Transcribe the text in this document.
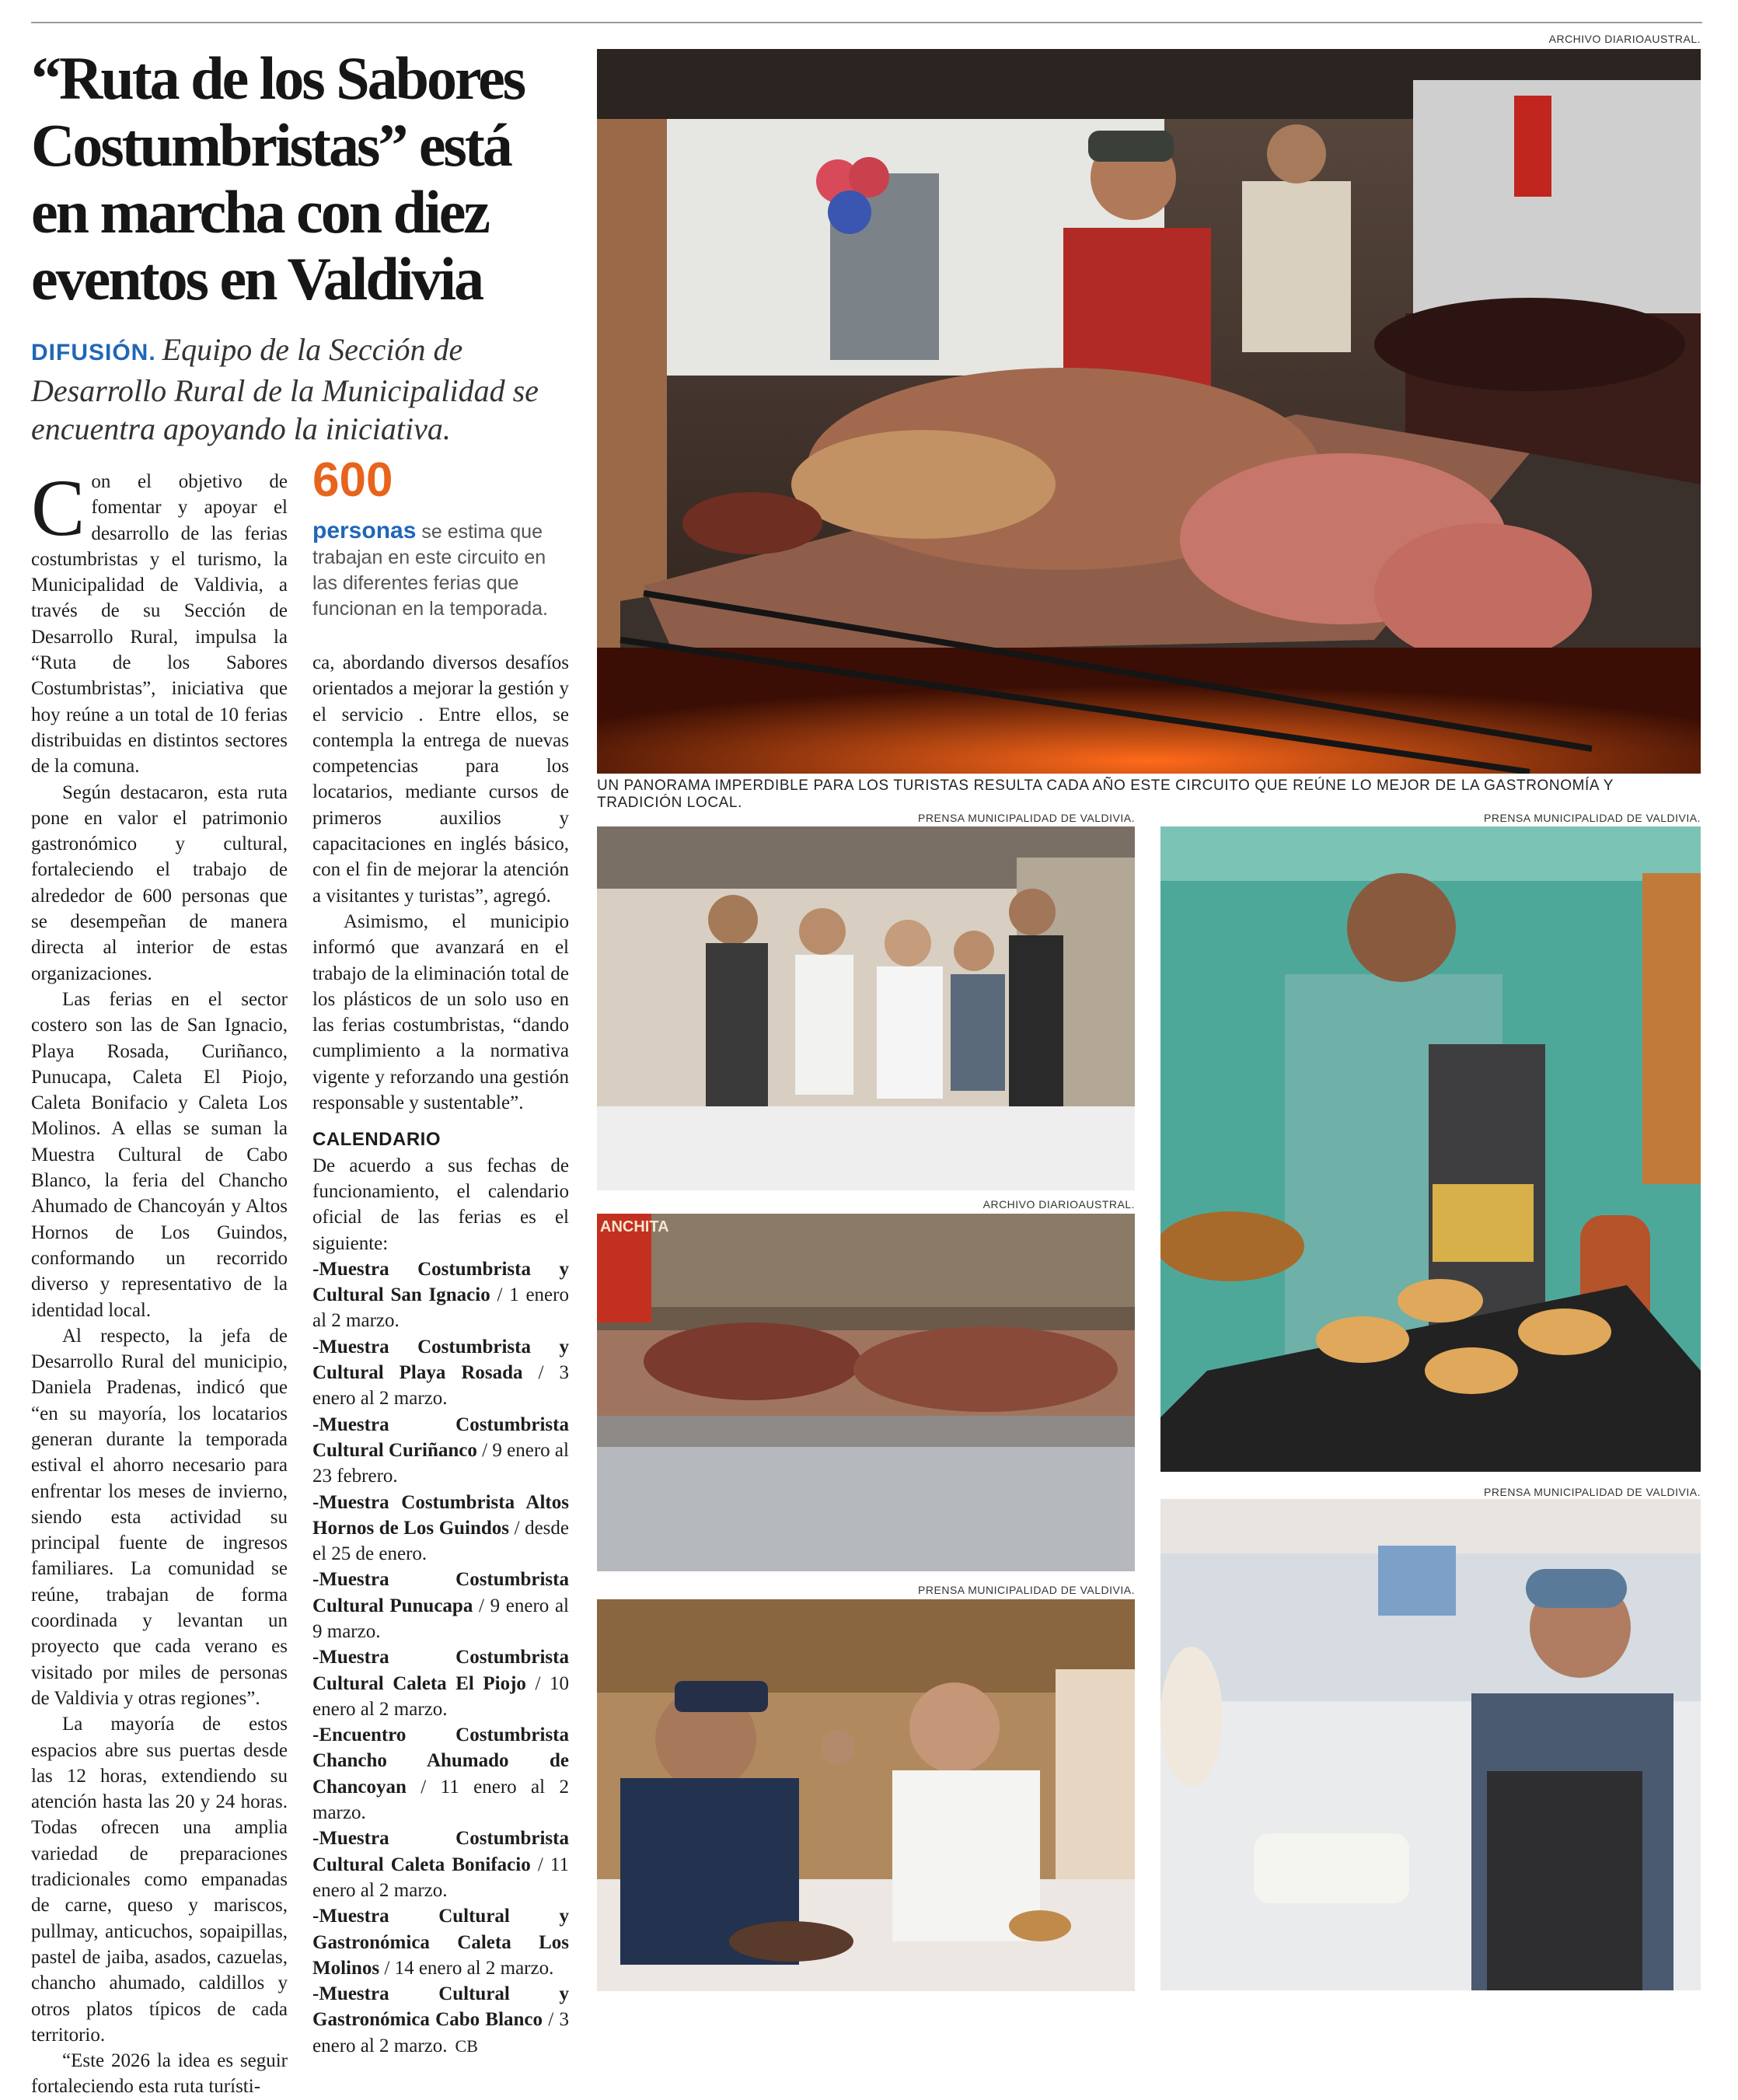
“Ruta de los Sabores Costumbristas” está en marcha con diez eventos en Valdivia
DIFUSIÓN. Equipo de la Sección de Desarrollo Rural de la Municipalidad se encuentra apoyando la iniciativa.
C on el objetivo de fomentar y apoyar el desarrollo de las ferias costumbristas y el turismo, la Municipalidad de Valdivia, a través de su Sección de Desarrollo Rural, impulsa la “Ruta de los Sabores Costumbristas”, iniciativa que hoy reúne a un total de 10 ferias distribuidas en distintos sectores de la comuna.

Según destacaron, esta ruta pone en valor el patrimonio gastronómico y cultural, fortaleciendo el trabajo de alrededor de 600 personas que se desempeñan de manera directa al interior de estas organizaciones.

Las ferias en el sector costero son las de San Ignacio, Playa Rosada, Curiñanco, Punucapa, Caleta El Piojo, Caleta Bonifacio y Caleta Los Molinos. A ellas se suman la Muestra Cultural de Cabo Blanco, la feria del Chancho Ahumado de Chancoyán y Altos Hornos de Los Guindos, conformando un recorrido diverso y representativo de la identidad local.

Al respecto, la jefa de Desarrollo Rural del municipio, Daniela Pradenas, indicó que “en su mayoría, los locatarios generan durante la temporada estival el ahorro necesario para enfrentar los meses de invierno, siendo esta actividad su principal fuente de ingresos familiares. La comunidad se reúne, trabajan de forma coordinada y levantan un proyecto que cada verano es visitado por miles de personas de Valdivia y otras regiones”.

La mayoría de estos espacios abre sus puertas desde las 12 horas, extendiendo su atención hasta las 20 y 24 horas. Todas ofrecen una amplia variedad de preparaciones tradicionales como empanadas de carne, queso y mariscos, pullmay, anticuchos, sopaipillas, pastel de jaiba, asados, cazuelas, chancho ahumado, caldillos y otros platos típicos de cada territorio.

“Este 2026 la idea es seguir fortaleciendo esta ruta turísti-

600
personas se estima que trabajan en este circuito en las diferentes ferias que funcionan en la temporada.

ca, abordando diversos desafíos orientados a mejorar la gestión y el servicio . Entre ellos, se contempla la entrega de nuevas competencias para los locatarios, mediante cursos de primeros auxilios y capacitaciones en inglés básico, con el fin de mejorar la atención a visitantes y turistas”, agregó.

Asimismo, el municipio informó que avanzará en el trabajo de la eliminación total de los plásticos de un solo uso en las ferias costumbristas, “dando cumplimiento a la normativa vigente y reforzando una gestión responsable y sustentable”.

CALENDARIO

De acuerdo a sus fechas de funcionamiento, el calendario oficial de las ferias es el siguiente:

-Muestra Costumbrista y Cultural San Ignacio / 1 enero al 2 marzo.
-Muestra Costumbrista y Cultural Playa Rosada / 3 enero al 2 marzo.
-Muestra Costumbrista Cultural Curiñanco / 9 enero al 23 febrero.
-Muestra Costumbrista Altos Hornos de Los Guindos / desde el 25 de enero.
-Muestra Costumbrista Cultural Punucapa / 9 enero al 9 marzo.
-Muestra Costumbrista Cultural Caleta El Piojo / 10 enero al 2 marzo.
-Encuentro Costumbrista Chancho Ahumado de Chancoyan / 11 enero al 2 marzo.
-Muestra Costumbrista Cultural Caleta Bonifacio / 11 enero al 2 marzo.
-Muestra Cultural y Gastronómica Caleta Los Molinos / 14 enero al 2 marzo.
-Muestra Cultural y Gastronómica Cabo Blanco / 3 enero al 2 marzo. CB
ARCHIVO DIARIOAUSTRAL.
UN PANORAMA IMPERDIBLE PARA LOS TURISTAS RESULTA CADA AÑO ESTE CIRCUITO QUE REÚNE LO MEJOR DE LA GASTRONOMÍA Y TRADICIÓN LOCAL.
PRENSA MUNICIPALIDAD DE VALDIVIA.	PRENSA MUNICIPALIDAD DE VALDIVIA.
ARCHIVO DIARIOAUSTRAL.
PRENSA MUNICIPALIDAD DE VALDIVIA.
PRENSA MUNICIPALIDAD DE VALDIVIA.
ANCHITA
